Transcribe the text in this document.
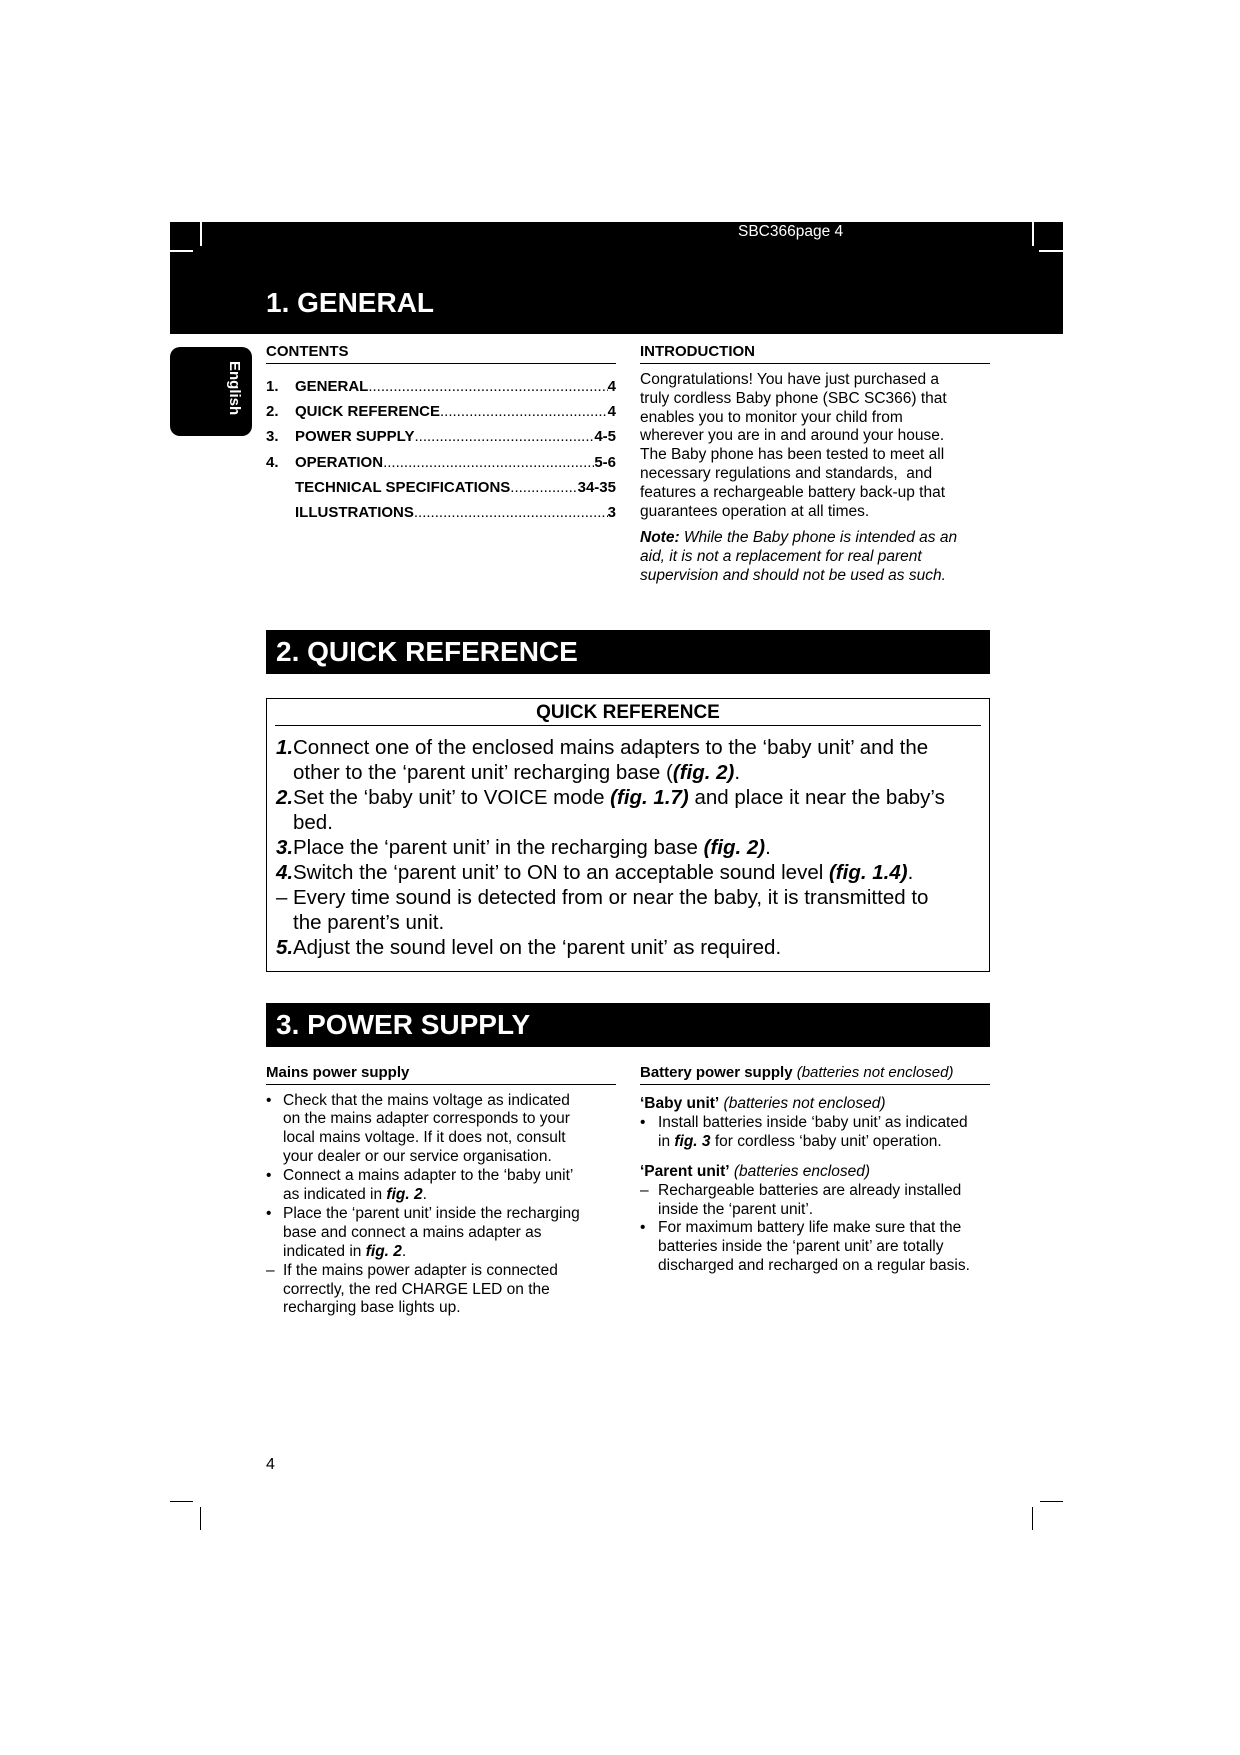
SBC366page 4
1. GENERAL
English
CONTENTS
1.	GENERAL .....	4
2.	QUICK REFERENCE .....	4
3.	POWER SUPPLY .....	4-5
4.	OPERATION .....	5-6
TECHNICAL SPECIFICATIONS .....	34-35
ILLUSTRATIONS .....	3
INTRODUCTION
Congratulations! You have just purchased a
truly cordless Baby phone (SBC SC366) that
enables you to monitor your child from
wherever you are in and around your house.
The Baby phone has been tested to meet all
necessary regulations and standards,  and
features a rechargeable battery back-up that
guarantees operation at all times.
Note: While the Baby phone is intended as an
aid, it is not a replacement for real parent
supervision and should not be used as such.
2. QUICK REFERENCE
QUICK REFERENCE
1.Connect one of the enclosed mains adapters to the ‘baby unit’ and the
other to the ‘parent unit’ recharging base ((fig. 2).
2.Set the ‘baby unit’ to VOICE mode (fig. 1.7) and place it near the baby’s
bed.
3.Place the ‘parent unit’ in the recharging base (fig. 2).
4.Switch the ‘parent unit’ to ON to an acceptable sound level (fig. 1.4).
– Every time sound is detected from or near the baby, it is transmitted to
the parent’s unit.
5.Adjust the sound level on the ‘parent unit’ as required.
3. POWER SUPPLY
Mains power supply
• Check that the mains voltage as indicated
on the mains adapter corresponds to your
local mains voltage. If it does not, consult
your dealer or our service organisation.
• Connect a mains adapter to the ‘baby unit’
as indicated in fig. 2.
• Place the ‘parent unit’ inside the recharging
base and connect a mains adapter as
indicated in fig. 2.
– If the mains power adapter is connected
correctly, the red CHARGE LED on the
recharging base lights up.
Battery power supply (batteries not enclosed)
‘Baby unit’ (batteries not enclosed)
• Install batteries inside ‘baby unit’ as indicated
in fig. 3 for cordless ‘baby unit’ operation.
‘Parent unit’ (batteries enclosed)
– Rechargeable batteries are already installed
inside the ‘parent unit’.
• For maximum battery life make sure that the
batteries inside the ‘parent unit’ are totally
discharged and recharged on a regular basis.
4
